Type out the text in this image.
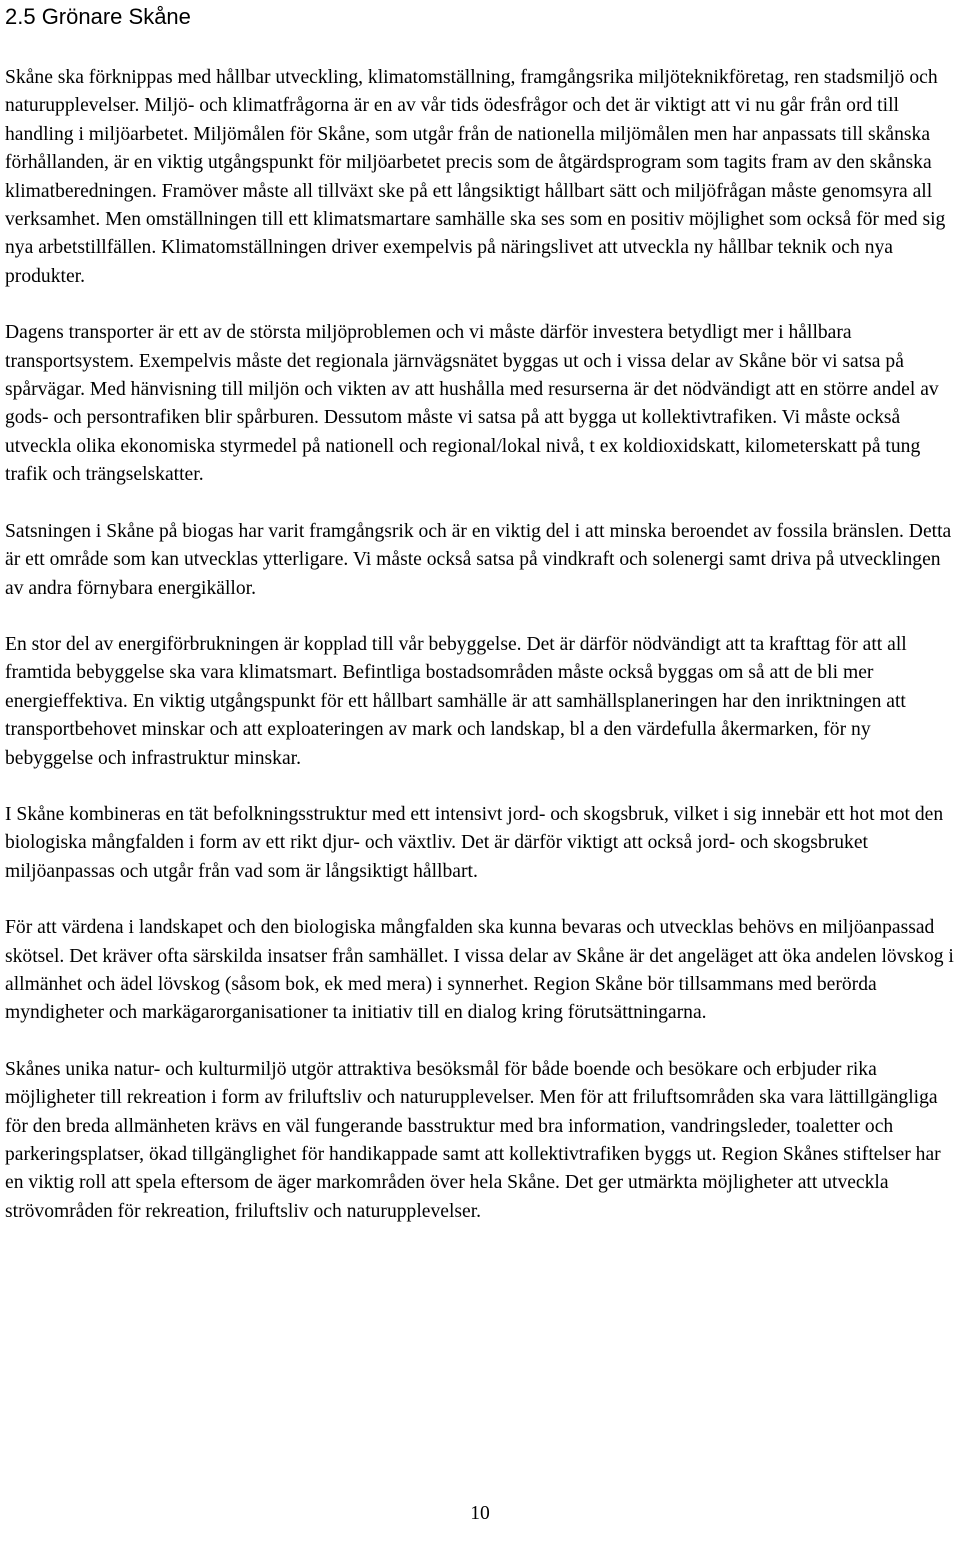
2.5 Grönare Skåne

Skåne ska förknippas med hållbar utveckling, klimatomställning, framgångsrika miljöteknikföretag, ren stadsmiljö och naturupplevelser. Miljö- och klimatfrågorna är en av vår tids ödesfrågor och det är viktigt att vi nu går från ord till handling i miljöarbetet. Miljömålen för Skåne, som utgår från de nationella miljömålen men har anpassats till skånska förhållanden, är en viktig utgångspunkt för miljöarbetet precis som de åtgärdsprogram som tagits fram av den skånska klimatberedningen. Framöver måste all tillväxt ske på ett långsiktigt hållbart sätt och miljöfrågan måste genomsyra all verksamhet. Men omställningen till ett klimatsmartare samhälle ska ses som en positiv möjlighet som också för med sig nya arbetstillfällen. Klimatomställningen driver exempelvis på näringslivet att utveckla ny hållbar teknik och nya produkter.

Dagens transporter är ett av de största miljöproblemen och vi måste därför investera betydligt mer i hållbara transportsystem. Exempelvis måste det regionala järnvägsnätet byggas ut och i vissa delar av Skåne bör vi satsa på spårvägar. Med hänvisning till miljön och vikten av att hushålla med resurserna är det nödvändigt att en större andel av gods- och persontrafiken blir spårburen. Dessutom måste vi satsa på att bygga ut kollektivtrafiken. Vi måste också utveckla olika ekonomiska styrmedel på nationell och regional/lokal nivå, t ex koldioxidskatt, kilometerskatt på tung trafik och trängselskatter.

Satsningen i Skåne på biogas har varit framgångsrik och är en viktig del i att minska beroendet av fossila bränslen. Detta är ett område som kan utvecklas ytterligare. Vi måste också satsa på vindkraft och solenergi samt driva på utvecklingen av andra förnybara energikällor.

En stor del av energiförbrukningen är kopplad till vår bebyggelse. Det är därför nödvändigt att ta krafttag för att all framtida bebyggelse ska vara klimatsmart. Befintliga bostadsområden måste också byggas om så att de bli mer energieffektiva. En viktig utgångspunkt för ett hållbart samhälle är att samhällsplaneringen har den inriktningen att transportbehovet minskar och att exploateringen av mark och landskap, bl a den värdefulla åkermarken, för ny bebyggelse och infrastruktur minskar.

I Skåne kombineras en tät befolkningsstruktur med ett intensivt jord- och skogsbruk, vilket i sig innebär ett hot mot den biologiska mångfalden i form av ett rikt djur- och växtliv. Det är därför viktigt att också jord- och skogsbruket miljöanpassas och utgår från vad som är långsiktigt hållbart.

För att värdena i landskapet och den biologiska mångfalden ska kunna bevaras och utvecklas behövs en miljöanpassad skötsel. Det kräver ofta särskilda insatser från samhället. I vissa delar av Skåne är det angeläget att öka andelen lövskog i allmänhet och ädel lövskog (såsom bok, ek med mera) i synnerhet. Region Skåne bör tillsammans med berörda myndigheter och markägarorganisationer ta initiativ till en dialog kring förutsättningarna.

Skånes unika natur- och kulturmiljö utgör attraktiva besöksmål för både boende och besökare och erbjuder rika möjligheter till rekreation i form av friluftsliv och naturupplevelser. Men för att friluftsområden ska vara lättillgängliga för den breda allmänheten krävs en väl fungerande basstruktur med bra information, vandringsleder, toaletter och parkeringsplatser, ökad tillgänglighet för handikappade samt att kollektivtrafiken byggs ut. Region Skånes stiftelser har en viktig roll att spela eftersom de äger markområden över hela Skåne. Det ger utmärkta möjligheter att utveckla strövområden för rekreation, friluftsliv och naturupplevelser.

10
